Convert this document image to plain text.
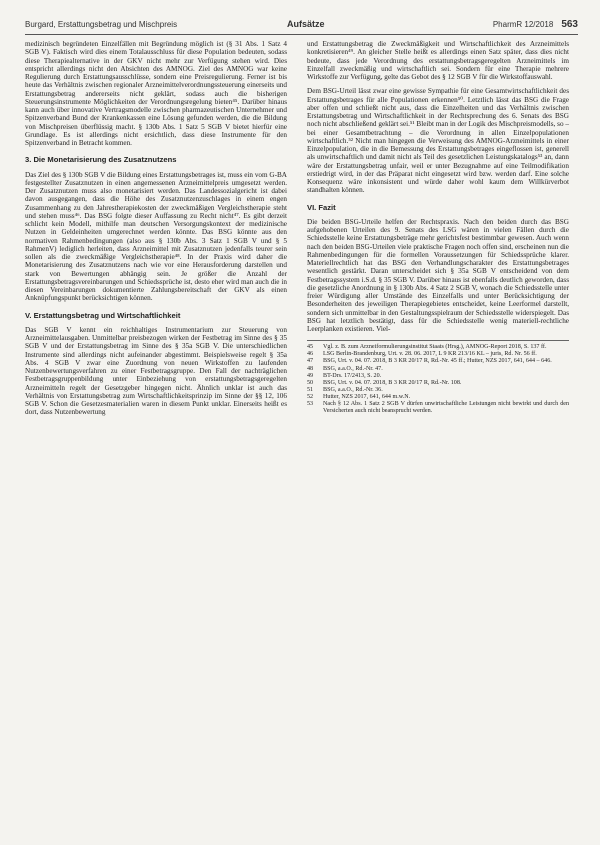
Burgard, Erstattungsbetrag und Mischpreis	Aufsätze	PharmR 12/2018 563

medizinisch begründeten Einzelfällen mit Begründung möglich ist (§ 31 Abs. 1 Satz 4 SGB V). Faktisch wird dies einem Totalausschluss für diese Population bedeuten, sodass diese Therapiealternative in der GKV nicht mehr zur Verfügung stehen wird. Dies entspricht allerdings nicht den Absichten des AMNOG. Ziel des AMNOG war keine Regulierung durch Erstattungsausschlüsse, sondern eine Preisregulierung. Ferner ist bis heute das Verhältnis zwischen regionaler Arzneimittelverordnungssteuerung einerseits und Erstattungsbetrag andererseits nicht geklärt, sodass auch die bisherigen Steuerungsinstrumente Möglichkeiten der Verordnungsregelung bieten⁴⁵. Darüber hinaus kann auch über innovative Vertragsmodelle zwischen pharmazeutischen Unternehmer und Spitzenverband Bund der Krankenkassen eine Lösung gefunden werden, die die Bildung von Mischpreisen überflüssig macht. § 130b Abs. 1 Satz 5 SGB V bietet hierfür eine Grundlage. Es ist allerdings nicht ersichtlich, dass diese Instrumente für den Spitzenverband in Betracht kommen.

3. Die Monetarisierung des Zusatznutzens

Das Ziel des § 130b SGB V die Bildung eines Erstattungsbetrages ist, muss ein vom G-BA festgestellter Zusatznutzen in einen angemessenen Arzneimittelpreis umgesetzt werden. Der Zusatznutzen muss also monetarisiert werden. Das Landessozialgericht ist dabei davon ausgegangen, dass die Höhe des Zusatznutzenzuschlages in einem engen Zusammenhang zu den Jahrestherapiekosten der zweckmäßigen Vergleichstherapie steht und stehen muss⁴⁶. Das BSG folgte dieser Auffassung zu Recht nicht⁴⁷. Es gibt derzeit schlicht kein Modell, mithilfe man deutschen Versorgungskontext der medizinische Nutzen in Geldeinheiten umgerechnet werden könnte. Das BSG könnte aus den normativen Rahmenbedingungen (also aus § 130b Abs. 3 Satz 1 SGB V und § 5 RahmenV) lediglich herleiten, dass Arzneimittel mit Zusatznutzen jedenfalls teurer sein sollen als die zweckmäßige Vergleichstherapie⁴⁸. In der Praxis wird daher die Monetarisierung des Zusatznutzens nach wie vor eine Herausforderung darstellen und stark von Bewertungen abhängig sein. Je größer die Anzahl der Erstattungsbetragsvereinbarungen und Schiedssprüche ist, desto eher wird man auch die in diesen Vereinbarungen dokumentierte Zahlungsbereitschaft der GKV als einen Anknüpfungspunkt berücksichtigen können.

V. Erstattungsbetrag und Wirtschaftlichkeit

Das SGB V kennt ein reichhaltiges Instrumentarium zur Steuerung von Arzneimittelausgaben. Unmittelbar preisbezogen wirken der Festbetrag im Sinne des § 35 SGB V und der Erstattungsbetrag im Sinne des § 35a SGB V. Die unterschiedlichen Instrumente sind allerdings nicht aufeinander abgestimmt. Beispielsweise regelt § 35a Abs. 4 SGB V zwar eine Zuordnung von neuen Wirkstoffen zu laufenden Nutzenbewertungsverfahren zu einer Festbetragsgruppe. Den Fall der nachträglichen Festbetragsgruppenbildung unter Einbeziehung von erstattungsbetragsgeregelten Arzneimitteln regelt der Gesetzgeber hingegen nicht. Ähnlich unklar ist auch das Verhältnis von Erstattungsbetrag zum Wirtschaftlichkeitsprinzip im Sinne der §§ 12, 106 SGB V. Schon die Gesetzesmaterialien waren in diesem Punkt unklar. Einerseits heißt es dort, dass Nutzenbewertung

und Erstattungsbetrag die Zweckmäßigkeit und Wirtschaftlichkeit des Arzneimittels konkretisieren⁴⁹. An gleicher Stelle heißt es allerdings einen Satz später, dass dies nicht bedeute, dass jede Verordnung des erstattungsbetragsgeregelten Arzneimittels im Einzelfall zweckmäßig und wirtschaftlich sei. Sondern für eine Therapie mehrere Wirkstoffe zur Verfügung, gelte das Gebot des § 12 SGB V für die Wirkstoffauswahl.

Dem BSG-Urteil lässt zwar eine gewisse Sympathie für eine Gesamtwirtschaftlichkeit des Erstattungsbetrages für alle Populationen erkennen⁵⁰. Letztlich lässt das BSG die Frage aber offen und schließt nicht aus, dass die Einzelheiten und das Verhältnis zwischen Erstattungsbetrag und Wirtschaftlichkeit in der Rechtsprechung des 6. Senats des BSG noch nicht abschließend geklärt sei.⁵¹ Bleibt man in der Logik des Mischpreismodells, so – bei einer Gesamtbetrachtung – die Verordnung in allen Einzelpopulationen wirtschaftlich.⁵² Nicht man hingegen die Verweisung des AMNOG-Arzneimittels in einer Einzelpopulation, die in die Bemessung des Erstattungsbetrages eingeflossen ist, generell als unwirtschaftlich und damit nicht als Teil des gesetzlichen Leistungskatalogs⁵³ an, dann wäre der Erstattungsbetrag unfair, weil er unter Bezugnahme auf eine Teilmodifikation erstiedrigt wird, in der das Präparat nicht eingesetzt wird bzw. werden darf. Eine solche Konsequenz wäre inkonsistent und würde daher wohl kaum dem Willkürverbot standhalten können.

VI. Fazit

Die beiden BSG-Urteile helfen der Rechtspraxis. Nach den beiden durch das BSG aufgehobenen Urteilen des 9. Senats des LSG wären in vielen Fällen durch die Schiedsstelle keine Erstattungsbeträge mehr gerichtsfest bestimmbar gewesen. Auch wenn nach den beiden BSG-Urteilen viele praktische Fragen noch offen sind, erscheinen nun die Rahmenbedingungen für die formellen Voraussetzungen für Schiedssprüche klarer. Materiellrechtlich hat das BSG den Verhandlungscharakter des Erstattungsbetrages wesentlich gestärkt. Daran unterscheidet sich § 35a SGB V entscheidend von dem Festbetragssystem i.S.d. § 35 SGB V. Darüber hinaus ist ebenfalls deutlich geworden, dass die gesetzliche Anordnung in § 130b Abs. 4 Satz 2 SGB V, wonach die Schiedsstelle unter freier Würdigung aller Umstände des Einzelfalls und unter Berücksichtigung der Besonderheiten des jeweiligen Therapiegebietes entscheidet, keine Leerformel darstellt, sondern sich unmittelbar in den Gestaltungsspielraum der Schiedsstelle widerspiegelt. Das BSG hat letztlich bestätigt, dass für die Schiedsstelle wenig materiell-rechtliche Leerplanken existieren. Viel-

45	Vgl. z. B. zum Arzneiformulierungsinstitut Staats (Hrsg.), AMNOG-Report 2018, S. 137 ff.
46	LSG Berlin-Brandenburg, Urt. v. 28. 06. 2017, L 9 KR 213/16 KL – juris, Rd. Nr. 56 ff.
47	BSG, Urt. v. 04. 07. 2018, B 3 KR 20/17 R, Rd.-Nr. 45 ff.; Hutter, NZS 2017, 641, 644 – 646.
48	BSG, a.a.O., Rd.-Nr. 47.
49	BT-Drs. 17/2413, S. 20.
50	BSG, Urt. v. 04. 07. 2018, B 3 KR 20/17 R, Rd.-Nr. 108.
51	BSG, a.a.O., Rd.-Nr. 36.
52	Hutter, NZS 2017, 641, 644 m.w.N.
53	Nach § 12 Abs. 1 Satz 2 SGB V dürfen unwirtschaftliche Leistungen nicht bewirkt und durch den Versicherten auch nicht beansprucht werden.
